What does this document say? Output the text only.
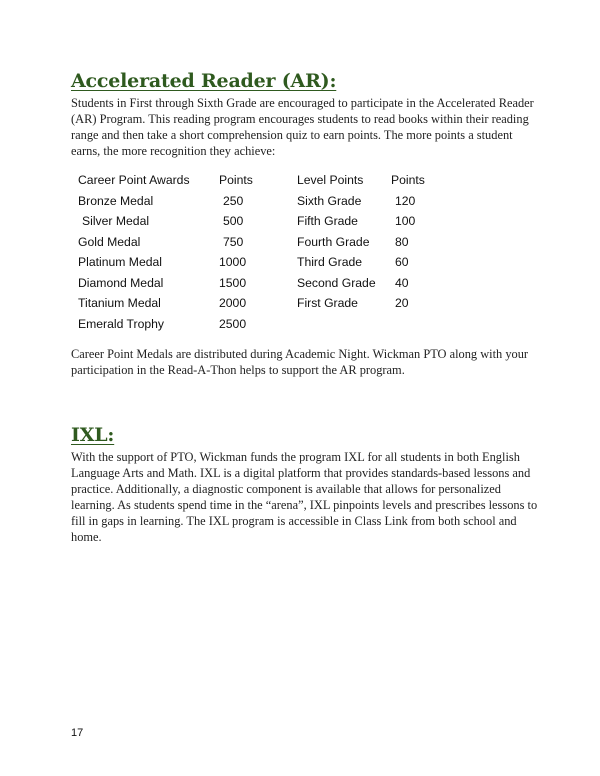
Accelerated Reader (AR):

Students in First through Sixth Grade are encouraged to participate in the Accelerated Reader (AR) Program. This reading program encourages students to read books within their reading range and then take a short comprehension quiz to earn points. The more points a student earns, the more recognition they achieve:

Career Point Awards	Points	Level Points	Points
Bronze Medal	250	Sixth Grade	120
Silver Medal	500	Fifth Grade	100
Gold Medal	750	Fourth Grade	80
Platinum Medal	1000	Third Grade	60
Diamond Medal	1500	Second Grade	40
Titanium Medal	2000	First Grade	20
Emerald Trophy	2500		

Career Point Medals are distributed during Academic Night. Wickman PTO along with your participation in the Read-A-Thon helps to support the AR program.

IXL:

With the support of PTO, Wickman funds the program IXL for all students in both English Language Arts and Math. IXL is a digital platform that provides standards-based lessons and practice. Additionally, a diagnostic component is available that allows for personalized learning. As students spend time in the “arena”, IXL pinpoints levels and prescribes lessons to fill in gaps in learning. The IXL program is accessible in Class Link from both school and home.

17
